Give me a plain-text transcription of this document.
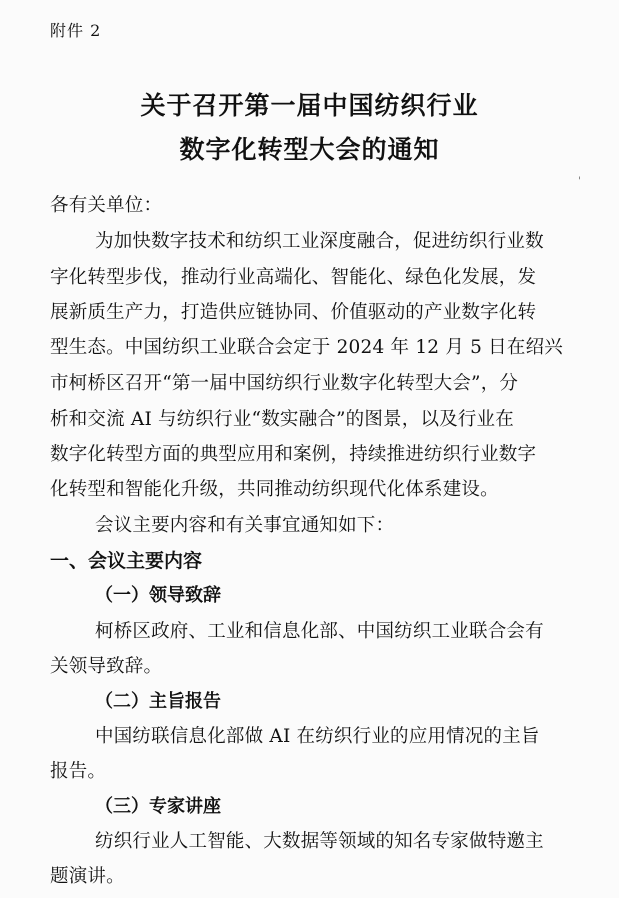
附件 2
关于召开第一届中国纺织行业
数字化转型大会的通知
'
各有关单位：
为加快数字技术和纺织工业深度融合，促进纺织行业数
字化转型步伐，推动行业高端化、智能化、绿色化发展，发
展新质生产力，打造供应链协同、价值驱动的产业数字化转
型生态。中国纺织工业联合会定于 2024 年 12 月 5 日在绍兴
市柯桥区召开“第一届中国纺织行业数字化转型大会”，分
析和交流 AI 与纺织行业“数实融合”的图景，以及行业在
数字化转型方面的典型应用和案例，持续推进纺织行业数字
化转型和智能化升级，共同推动纺织现代化体系建设。
会议主要内容和有关事宜通知如下：
一、会议主要内容
（一）领导致辞
柯桥区政府、工业和信息化部、中国纺织工业联合会有
关领导致辞。
（二）主旨报告
中国纺联信息化部做 AI 在纺织行业的应用情况的主旨
报告。
（三）专家讲座
纺织行业人工智能、大数据等领域的知名专家做特邀主
题演讲。
